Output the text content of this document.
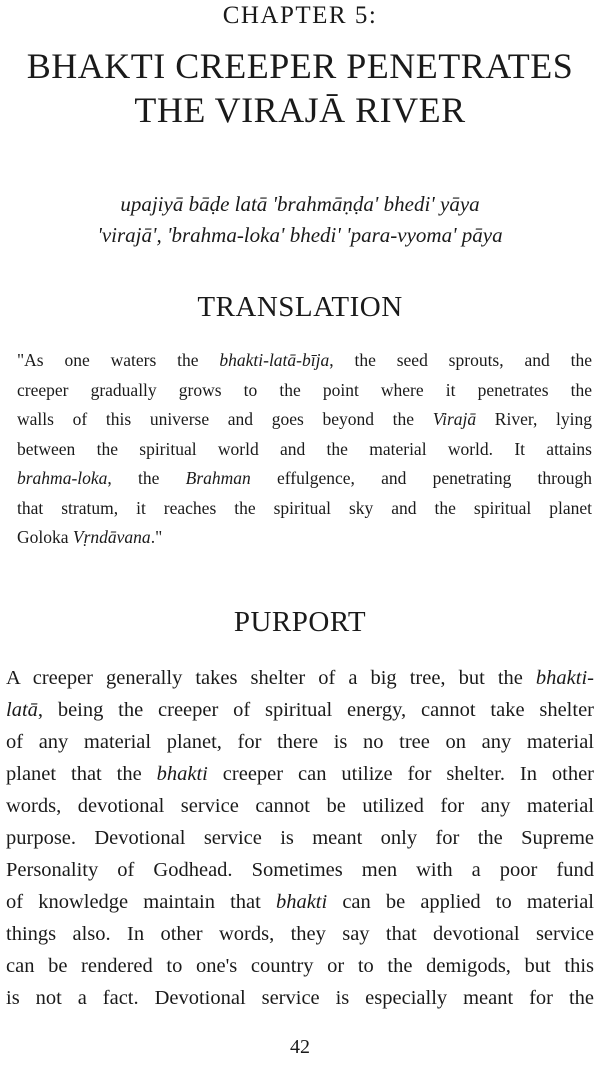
CHAPTER 5:
BHAKTI CREEPER PENETRATES
THE VIRAJĀ RIVER
upajiyā bāḍe latā 'brahmāṇḍa' bhedi' yāya
'virajā', 'brahma-loka' bhedi' 'para-vyoma' pāya
TRANSLATION
"As one waters the bhakti-latā-bīja, the seed sprouts, and the
creeper gradually grows to the point where it penetrates the
walls of this universe and goes beyond the Virajā River, lying
between the spiritual world and the material world. It attains
brahma-loka, the Brahman effulgence, and penetrating through
that stratum, it reaches the spiritual sky and the spiritual planet
Goloka Vṛndāvana."
PURPORT
A creeper generally takes shelter of a big tree, but the bhakti-
latā, being the creeper of spiritual energy, cannot take shelter
of any material planet, for there is no tree on any material
planet that the bhakti creeper can utilize for shelter. In other
words, devotional service cannot be utilized for any material
purpose. Devotional service is meant only for the Supreme
Personality of Godhead. Sometimes men with a poor fund
of knowledge maintain that bhakti can be applied to material
things also. In other words, they say that devotional service
can be rendered to one's country or to the demigods, but this
is not a fact. Devotional service is especially meant for the
42
